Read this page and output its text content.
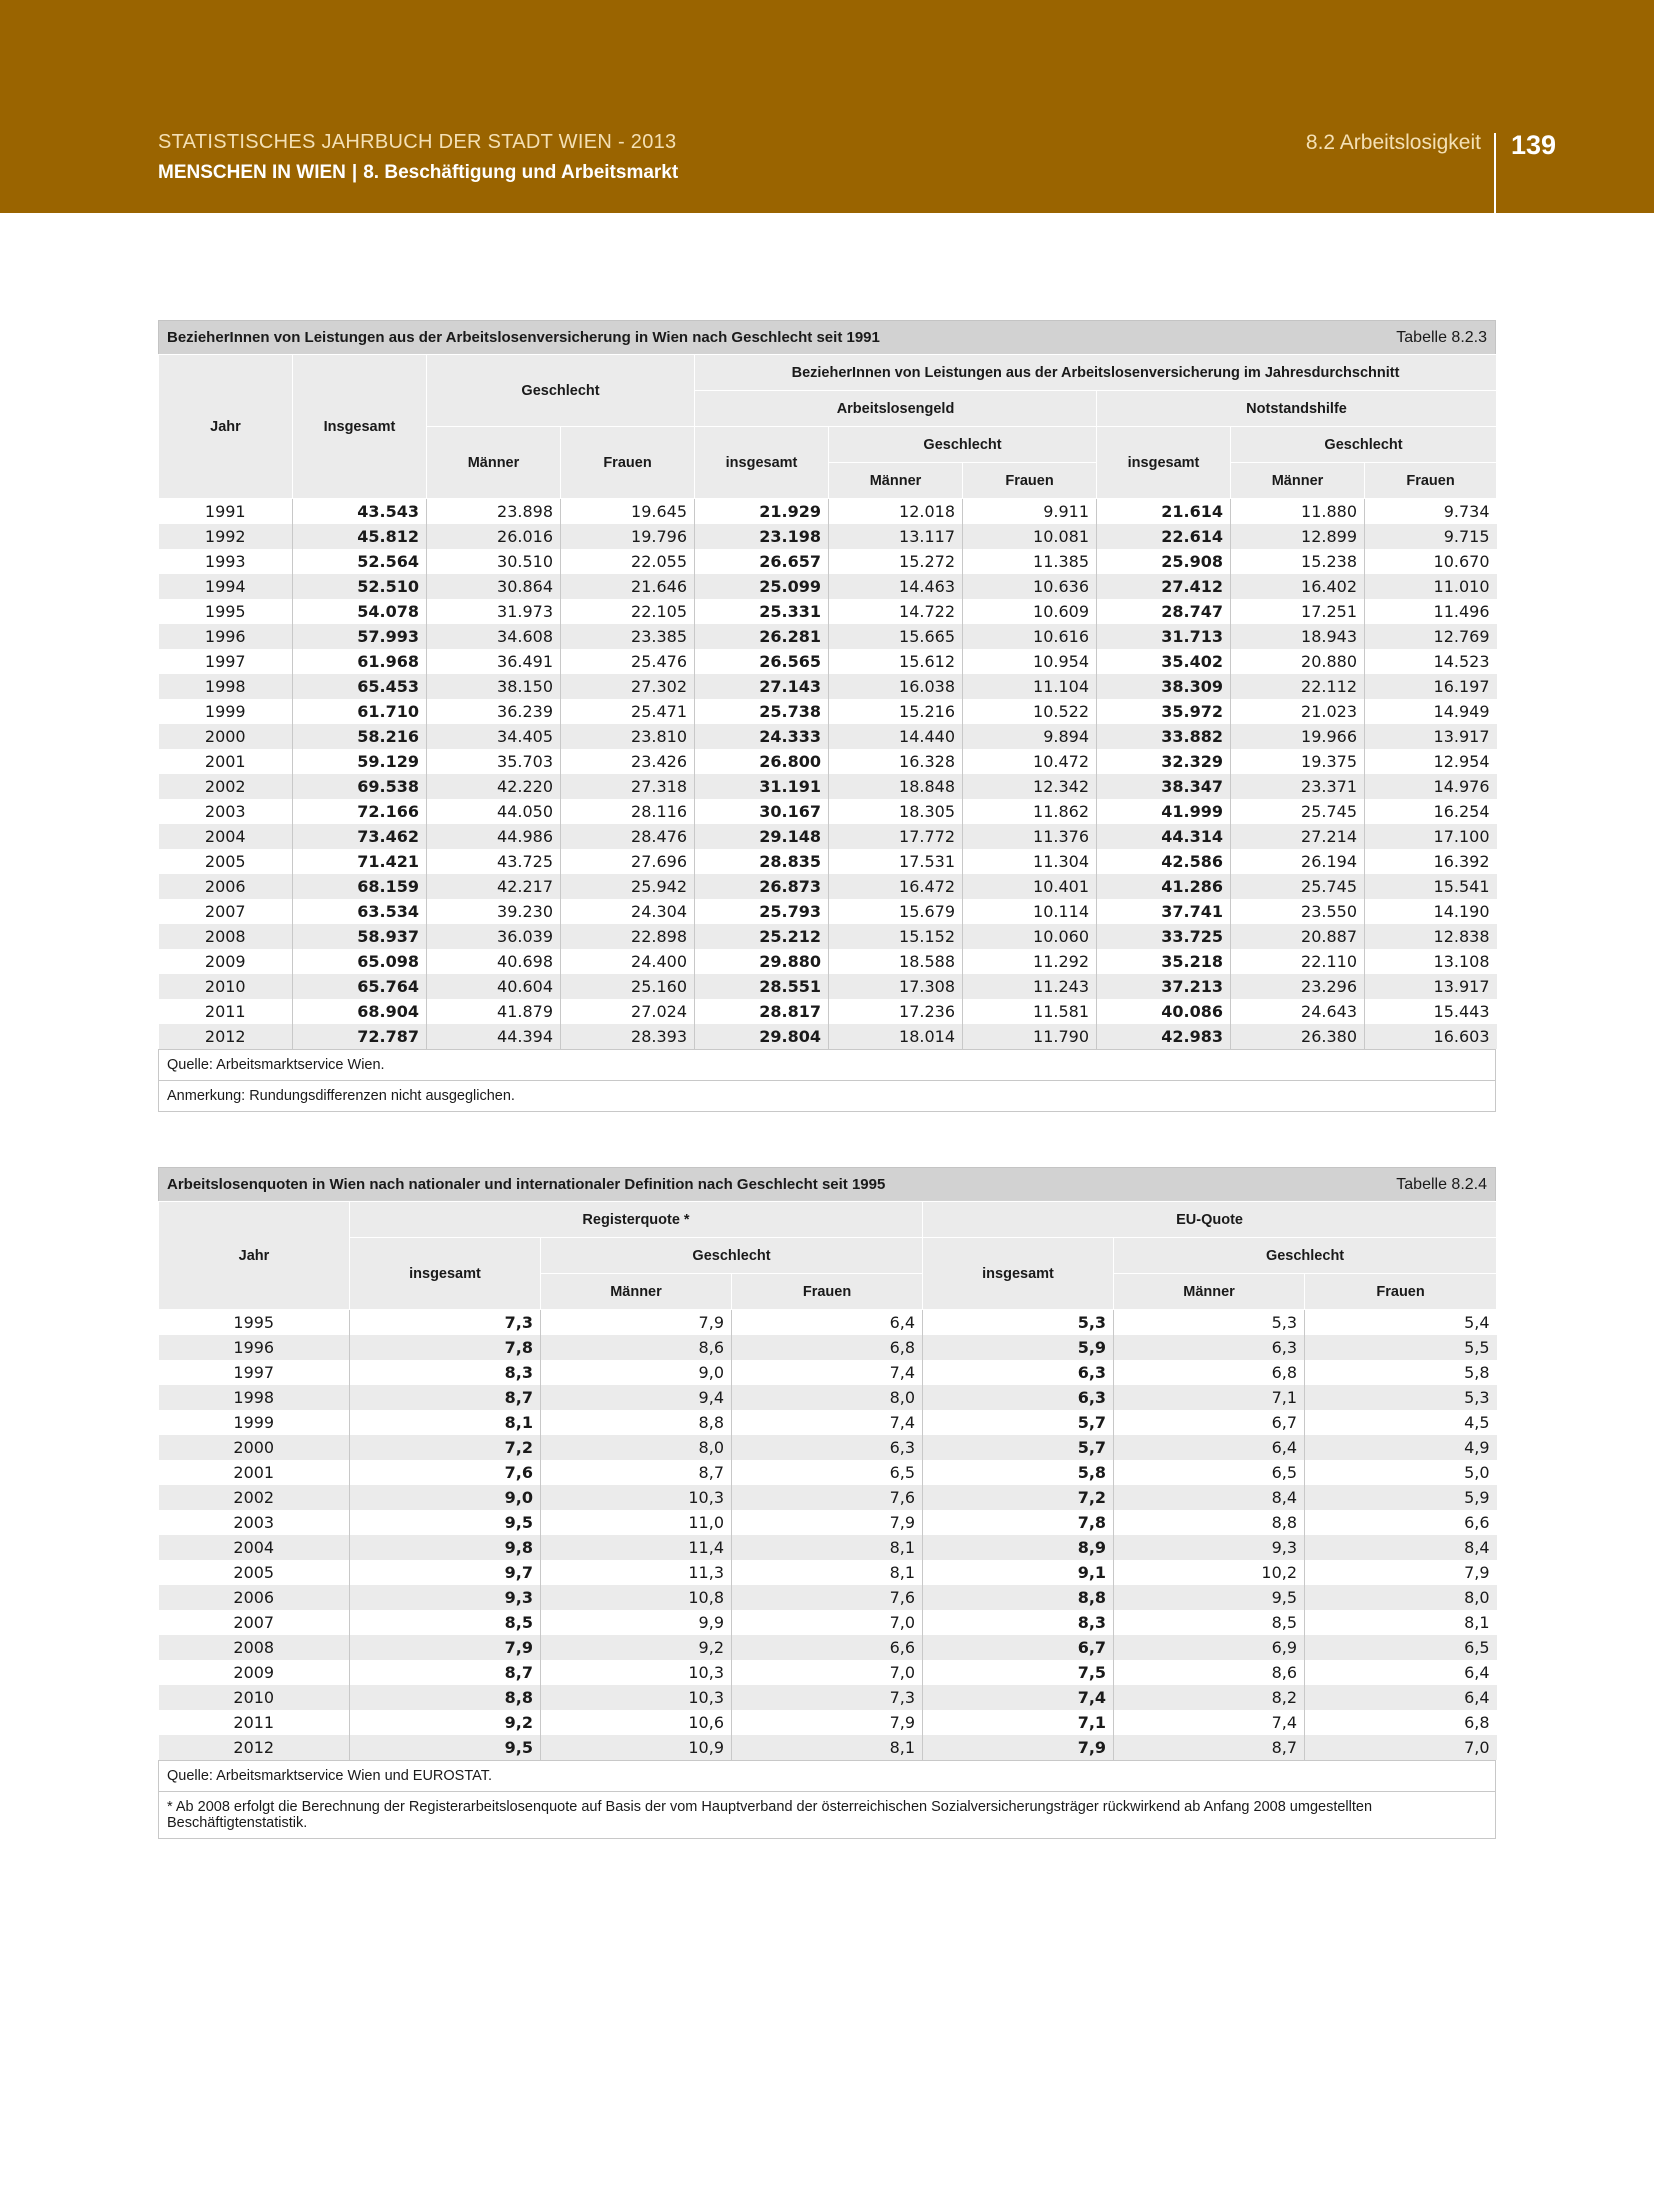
STATISTISCHES JAHRBUCH DER STADT WIEN - 2013
MENSCHEN IN WIEN | 8. Beschäftigung und Arbeitsmarkt
8.2 Arbeitslosigkeit 139
BezieherInnen von Leistungen aus der Arbeitslosenversicherung in Wien nach Geschlecht seit 1991	Tabelle 8.2.3
Jahr	Insgesamt	Geschlecht		BezieherInnen von Leistungen aus der Arbeitslosenversicherung im Jahresdurchschnitt					
				Arbeitslosengeld			Notstandshilfe		
		Männer	Frauen	insgesamt	Geschlecht		insgesamt	Geschlecht	
					Männer	Frauen		Männer	Frauen
1991	43.543	23.898	19.645	21.929	12.018	9.911	21.614	11.880	9.734
1992	45.812	26.016	19.796	23.198	13.117	10.081	22.614	12.899	9.715
1993	52.564	30.510	22.055	26.657	15.272	11.385	25.908	15.238	10.670
1994	52.510	30.864	21.646	25.099	14.463	10.636	27.412	16.402	11.010
1995	54.078	31.973	22.105	25.331	14.722	10.609	28.747	17.251	11.496
1996	57.993	34.608	23.385	26.281	15.665	10.616	31.713	18.943	12.769
1997	61.968	36.491	25.476	26.565	15.612	10.954	35.402	20.880	14.523
1998	65.453	38.150	27.302	27.143	16.038	11.104	38.309	22.112	16.197
1999	61.710	36.239	25.471	25.738	15.216	10.522	35.972	21.023	14.949
2000	58.216	34.405	23.810	24.333	14.440	9.894	33.882	19.966	13.917
2001	59.129	35.703	23.426	26.800	16.328	10.472	32.329	19.375	12.954
2002	69.538	42.220	27.318	31.191	18.848	12.342	38.347	23.371	14.976
2003	72.166	44.050	28.116	30.167	18.305	11.862	41.999	25.745	16.254
2004	73.462	44.986	28.476	29.148	17.772	11.376	44.314	27.214	17.100
2005	71.421	43.725	27.696	28.835	17.531	11.304	42.586	26.194	16.392
2006	68.159	42.217	25.942	26.873	16.472	10.401	41.286	25.745	15.541
2007	63.534	39.230	24.304	25.793	15.679	10.114	37.741	23.550	14.190
2008	58.937	36.039	22.898	25.212	15.152	10.060	33.725	20.887	12.838
2009	65.098	40.698	24.400	29.880	18.588	11.292	35.218	22.110	13.108
2010	65.764	40.604	25.160	28.551	17.308	11.243	37.213	23.296	13.917
2011	68.904	41.879	27.024	28.817	17.236	11.581	40.086	24.643	15.443
2012	72.787	44.394	28.393	29.804	18.014	11.790	42.983	26.380	16.603
Quelle: Arbeitsmarktservice Wien.
Anmerkung: Rundungsdifferenzen nicht ausgeglichen.
Arbeitslosenquoten in Wien nach nationaler und internationaler Definition nach Geschlecht seit 1995	Tabelle 8.2.4
Jahr	Registerquote *			EU-Quote		
	insgesamt	Geschlecht		insgesamt	Geschlecht	
		Männer	Frauen		Männer	Frauen
1995	7,3	7,9	6,4	5,3	5,3	5,4
1996	7,8	8,6	6,8	5,9	6,3	5,5
1997	8,3	9,0	7,4	6,3	6,8	5,8
1998	8,7	9,4	8,0	6,3	7,1	5,3
1999	8,1	8,8	7,4	5,7	6,7	4,5
2000	7,2	8,0	6,3	5,7	6,4	4,9
2001	7,6	8,7	6,5	5,8	6,5	5,0
2002	9,0	10,3	7,6	7,2	8,4	5,9
2003	9,5	11,0	7,9	7,8	8,8	6,6
2004	9,8	11,4	8,1	8,9	9,3	8,4
2005	9,7	11,3	8,1	9,1	10,2	7,9
2006	9,3	10,8	7,6	8,8	9,5	8,0
2007	8,5	9,9	7,0	8,3	8,5	8,1
2008	7,9	9,2	6,6	6,7	6,9	6,5
2009	8,7	10,3	7,0	7,5	8,6	6,4
2010	8,8	10,3	7,3	7,4	8,2	6,4
2011	9,2	10,6	7,9	7,1	7,4	6,8
2012	9,5	10,9	8,1	7,9	8,7	7,0
Quelle: Arbeitsmarktservice Wien und EUROSTAT.
* Ab 2008 erfolgt die Berechnung der Registerarbeitslosenquote auf Basis der vom Hauptverband der österreichischen Sozialversicherungsträger rückwirkend ab Anfang 2008 umgestellten Beschäftigtenstatistik.
